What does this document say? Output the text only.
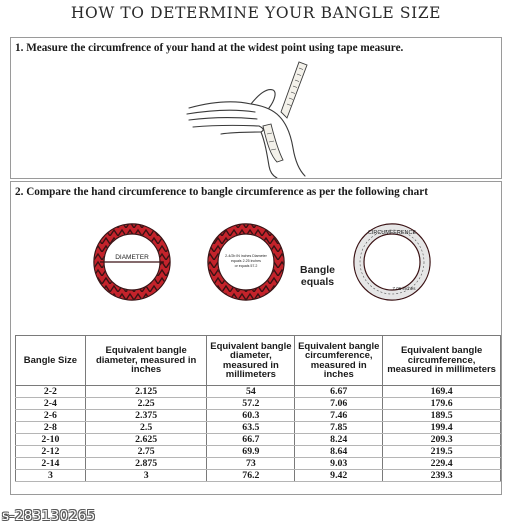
HOW TO DETERMINE YOUR BANGLE SIZE
1. Measure the circumfrence of your hand at the widest point using tape measure.
2. Compare the hand circumference to bangle circumference as per the following chart
DIAMETER	2-4/2b IN inches Diameter
equals 2.25 inches
or equals 57.2
CIRCUMFERENCE
7.06 inches
Bangle
equals
Bangle Size	Equivalent bangle diameter, measured in inches	Equivalent bangle diameter, measured in millimeters	Equivalent bangle circumference, measured in inches	Equivalent bangle circumference, measured in millimeters
2-2	2.125	54	6.67	169.4
2-4	2.25	57.2	7.06	179.6
2-6	2.375	60.3	7.46	189.5
2-8	2.5	63.5	7.85	199.4
2-10	2.625	66.7	8.24	209.3
2-12	2.75	69.9	8.64	219.5
2-14	2.875	73	9.03	229.4
3	3	76.2	9.42	239.3
s-283130265
